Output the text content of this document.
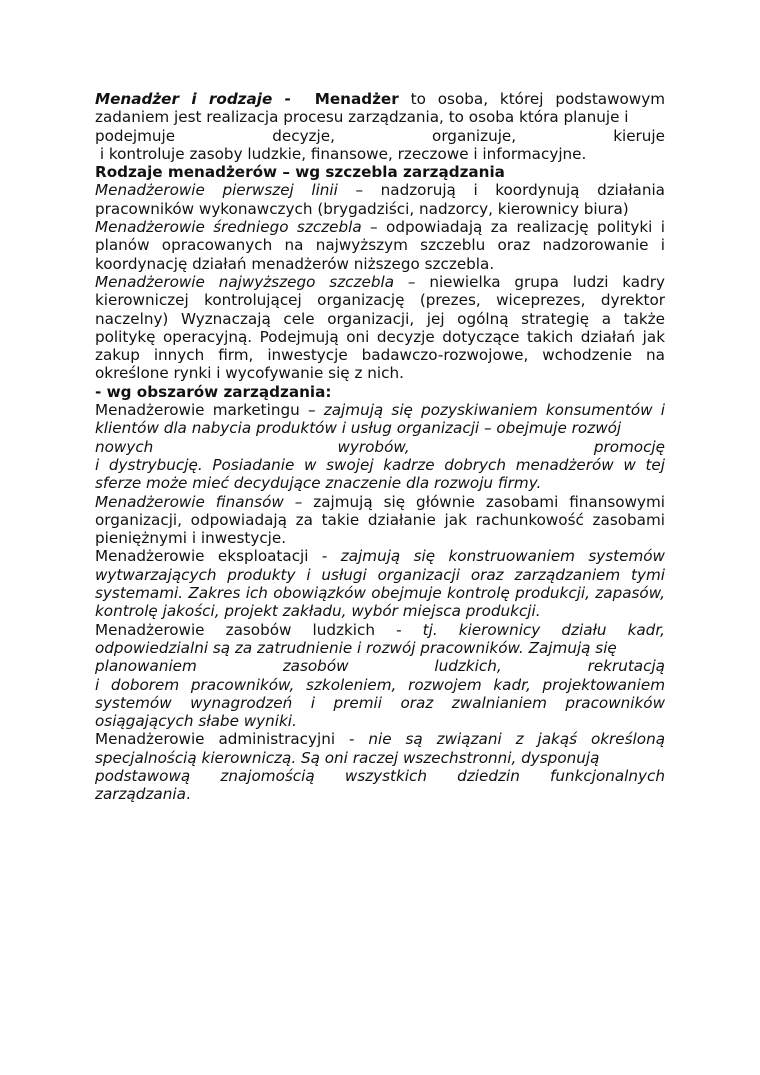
Menadżer i rodzaje - Menadżer to osoba, której podstawowym zadaniem jest realizacja procesu zarządzania, to osoba która planuje i

podejmuje decyzje, organizuje, kieruje
i kontroluje zasoby ludzkie, finansowe, rzeczowe i informacyjne.
Rodzaje menadżerów – wg szczebla zarządzania

Menadżerowie pierwszej linii – nadzorują i koordynują działania pracowników wykonawczych (brygadziści, nadzorcy, kierownicy biura)

Menadżerowie średniego szczebla – odpowiadają za realizację polityki i planów opracowanych na najwyższym szczeblu oraz nadzorowanie i koordynację działań menadżerów niższego szczebla.

Menadżerowie najwyższego szczebla – niewielka grupa ludzi kadry kierowniczej kontrolującej organizację (prezes, wiceprezes, dyrektor naczelny) Wyznaczają cele organizacji, jej ogólną strategię a także politykę operacyjną. Podejmują oni decyzje dotyczące takich działań jak zakup innych firm, inwestycje badawczo-rozwojowe, wchodzenie na określone rynki i wycofywanie się z nich.

- wg obszarów zarządzania:

Menadżerowie marketingu – zajmują się pozyskiwaniem konsumentów i klientów dla nabycia produktów i usług organizacji – obejmuje rozwój

nowych wyrobów, promocję

i dystrybucję. Posiadanie w swojej kadrze dobrych menadżerów w tej sferze może mieć decydujące znaczenie dla rozwoju firmy.

Menadżerowie finansów – zajmują się głównie zasobami finansowymi organizacji, odpowiadają za takie działanie jak rachunkowość zasobami pieniężnymi i inwestycje.

Menadżerowie eksploatacji - zajmują się konstruowaniem systemów wytwarzających produkty i usługi organizacji oraz zarządzaniem tymi systemami. Zakres ich obowiązków obejmuje kontrolę produkcji, zapasów, kontrolę jakości, projekt zakładu, wybór miejsca produkcji.

Menadżerowie zasobów ludzkich - tj. kierownicy działu kadr, odpowiedzialni są za zatrudnienie i rozwój pracowników. Zajmują się

planowaniem zasobów ludzkich, rekrutacją

i doborem pracowników, szkoleniem, rozwojem kadr, projektowaniem systemów wynagrodzeń i premii oraz zwalnianiem pracowników osiągających słabe wyniki.

Menadżerowie administracyjni - nie są związani z jakąś określoną specjalnością kierowniczą. Są oni raczej wszechstronni, dysponują

podstawową znajomością wszystkich dziedzin funkcjonalnych
zarządzania.
